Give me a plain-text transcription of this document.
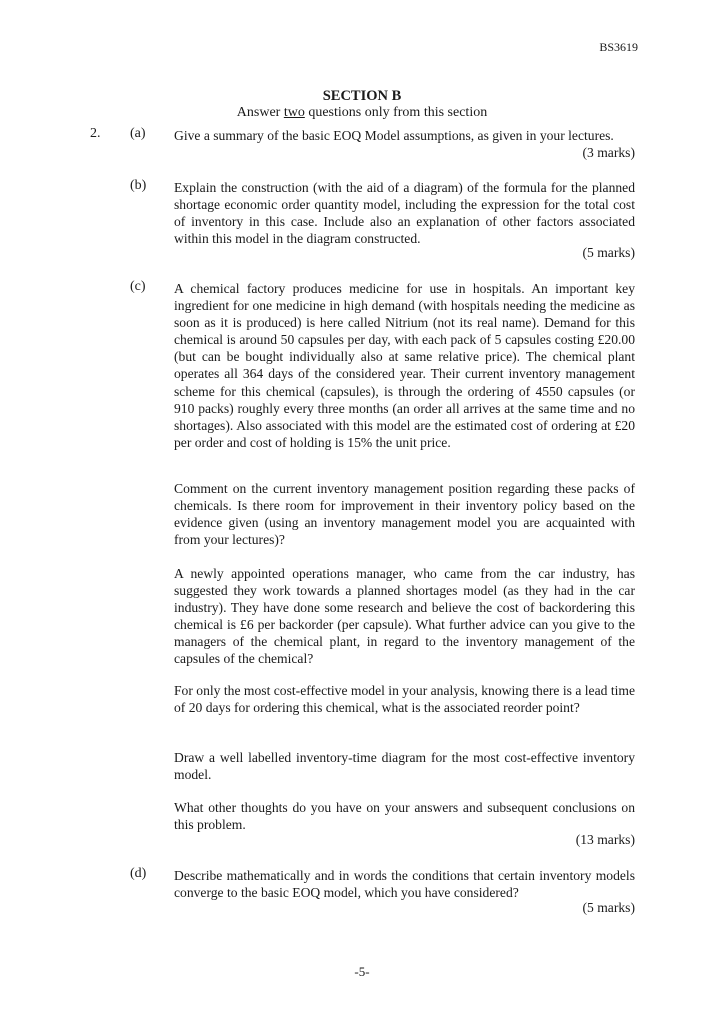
BS3619
SECTION B
Answer two questions only from this section
2. (a) Give a summary of the basic EOQ Model assumptions, as given in your lectures.
(3 marks)
(b) Explain the construction (with the aid of a diagram) of the formula for the planned shortage economic order quantity model, including the expression for the total cost of inventory in this case. Include also an explanation of other factors associated within this model in the diagram constructed.
(5 marks)
(c) A chemical factory produces medicine for use in hospitals. An important key ingredient for one medicine in high demand (with hospitals needing the medicine as soon as it is produced) is here called Nitrium (not its real name). Demand for this chemical is around 50 capsules per day, with each pack of 5 capsules costing £20.00 (but can be bought individually also at same relative price). The chemical plant operates all 364 days of the considered year. Their current inventory management scheme for this chemical (capsules), is through the ordering of 4550 capsules (or 910 packs) roughly every three months (an order all arrives at the same time and no shortages). Also associated with this model are the estimated cost of ordering at £20 per order and cost of holding is 15% the unit price.
Comment on the current inventory management position regarding these packs of chemicals. Is there room for improvement in their inventory policy based on the evidence given (using an inventory management model you are acquainted with from your lectures)?
A newly appointed operations manager, who came from the car industry, has suggested they work towards a planned shortages model (as they had in the car industry). They have done some research and believe the cost of backordering this chemical is £6 per backorder (per capsule). What further advice can you give to the managers of the chemical plant, in regard to the inventory management of the capsules of the chemical?
For only the most cost-effective model in your analysis, knowing there is a lead time of 20 days for ordering this chemical, what is the associated reorder point?
Draw a well labelled inventory-time diagram for the most cost-effective inventory model.
What other thoughts do you have on your answers and subsequent conclusions on this problem.
(13 marks)
(d) Describe mathematically and in words the conditions that certain inventory models converge to the basic EOQ model, which you have considered?
(5 marks)
-5-
